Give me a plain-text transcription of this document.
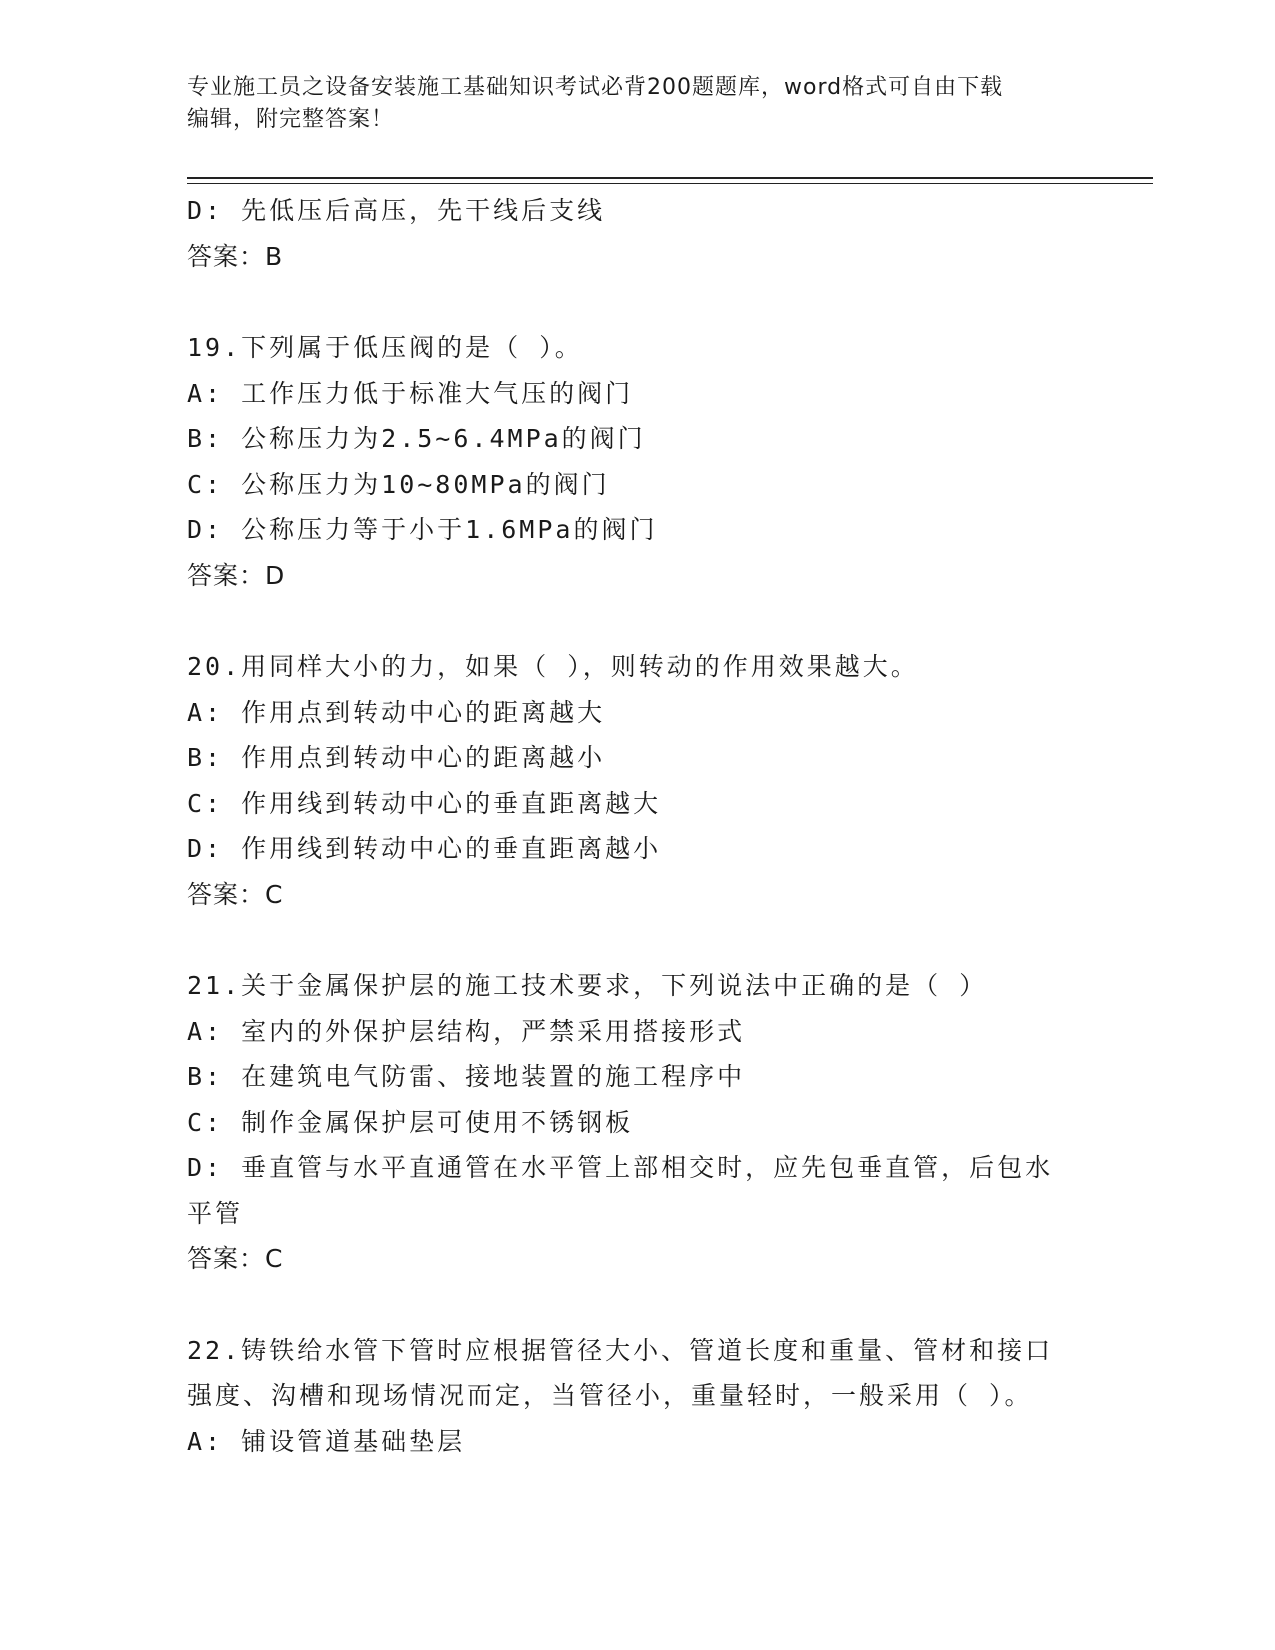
专业施工员之设备安装施工基础知识考试必背200题题库，word格式可自由下载
编辑，附完整答案！
D: 先低压后高压，先干线后支线
答案：B
19.下列属于低压阀的是（ ）。
A: 工作压力低于标准大气压的阀门
B: 公称压力为2.5~6.4MPa的阀门
C: 公称压力为10~80MPa的阀门
D: 公称压力等于小于1.6MPa的阀门
答案：D
20.用同样大小的力，如果（ ），则转动的作用效果越大。
A: 作用点到转动中心的距离越大
B: 作用点到转动中心的距离越小
C: 作用线到转动中心的垂直距离越大
D: 作用线到转动中心的垂直距离越小
答案：C
21.关于金属保护层的施工技术要求，下列说法中正确的是（ ）
A: 室内的外保护层结构，严禁采用搭接形式
B: 在建筑电气防雷、接地装置的施工程序中
C: 制作金属保护层可使用不锈钢板
D: 垂直管与水平直通管在水平管上部相交时，应先包垂直管，后包水
平管
答案：C
22.铸铁给水管下管时应根据管径大小、管道长度和重量、管材和接口
强度、沟槽和现场情况而定，当管径小，重量轻时，一般采用（ ）。
A: 铺设管道基础垫层
